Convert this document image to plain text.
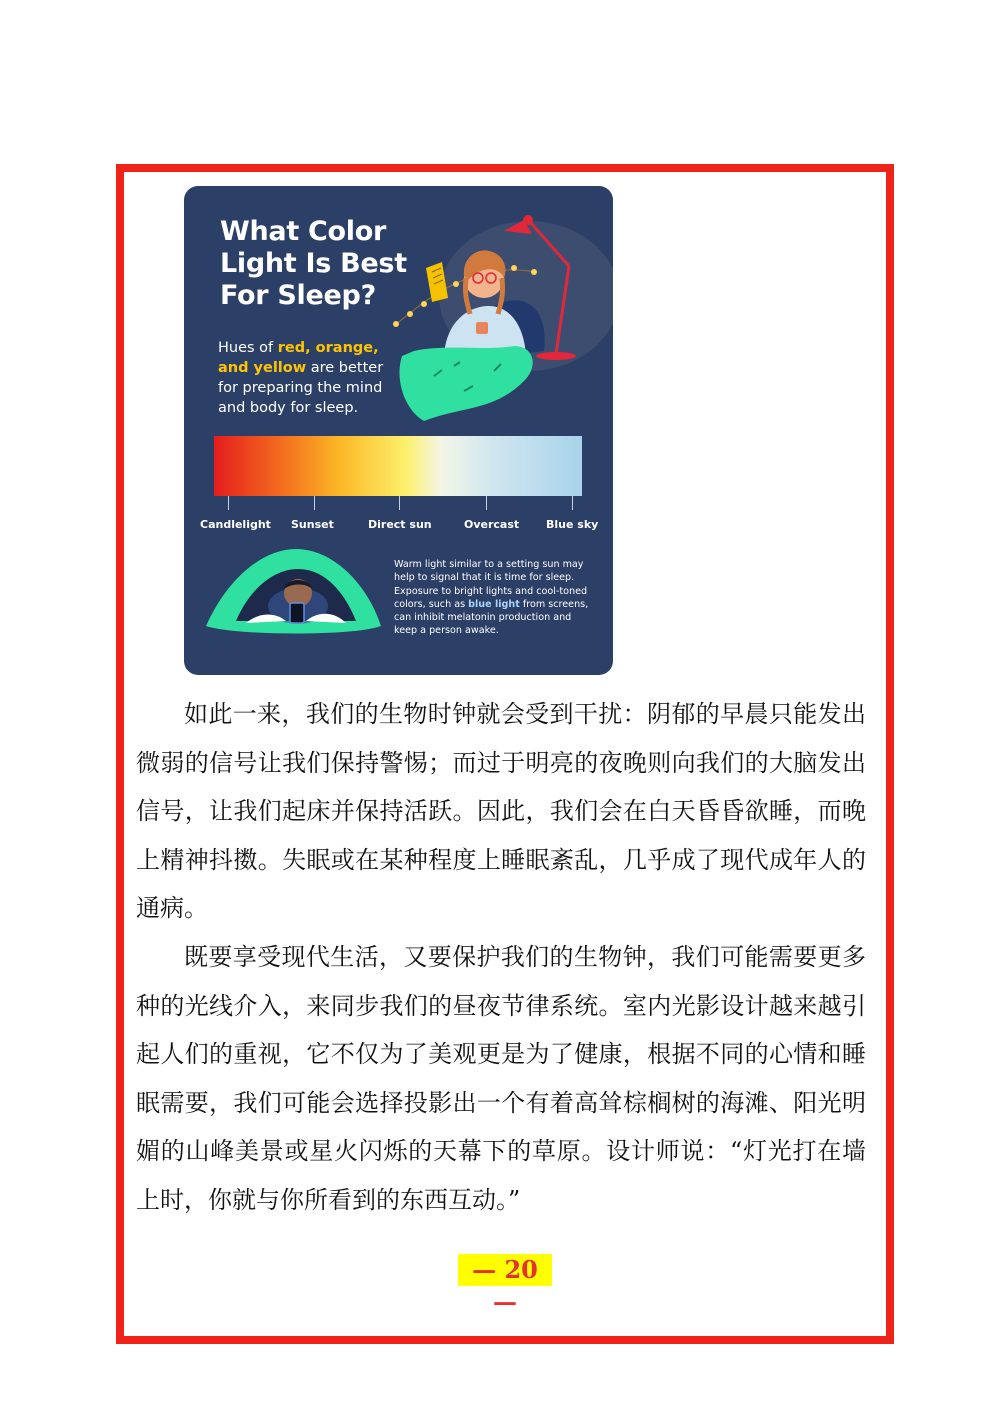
What Color Light Is Best For Sleep?
Hues of red, orange, and yellow are better for preparing the mind and body for sleep.
Candlelight Sunset	Direct sun	Overcast Blue sky
Warm light similar to a setting sun may help to signal that it is time for sleep. Exposure to bright lights and cool-toned colors, such as blue light from screens, can inhibit melatonin production and keep a person awake.

如此一来，我们的生物时钟就会受到干扰：阴郁的早晨只能发出微弱的信号让我们保持警惕；而过于明亮的夜晚则向我们的大脑发出信号，让我们起床并保持活跃。因此，我们会在白天昏昏欲睡，而晚上精神抖擞。失眠或在某种程度上睡眠紊乱，几乎成了现代成年人的通病。

既要享受现代生活，又要保护我们的生物钟，我们可能需要更多种的光线介入，来同步我们的昼夜节律系统。室内光影设计越来越引起人们的重视，它不仅为了美观更是为了健康，根据不同的心情和睡眠需要，我们可能会选择投影出一个有着高耸棕榈树的海滩、阳光明媚的山峰美景或星火闪烁的天幕下的草原。设计师说：“灯光打在墙上时，你就与你所看到的东西互动。”

— 20 —
